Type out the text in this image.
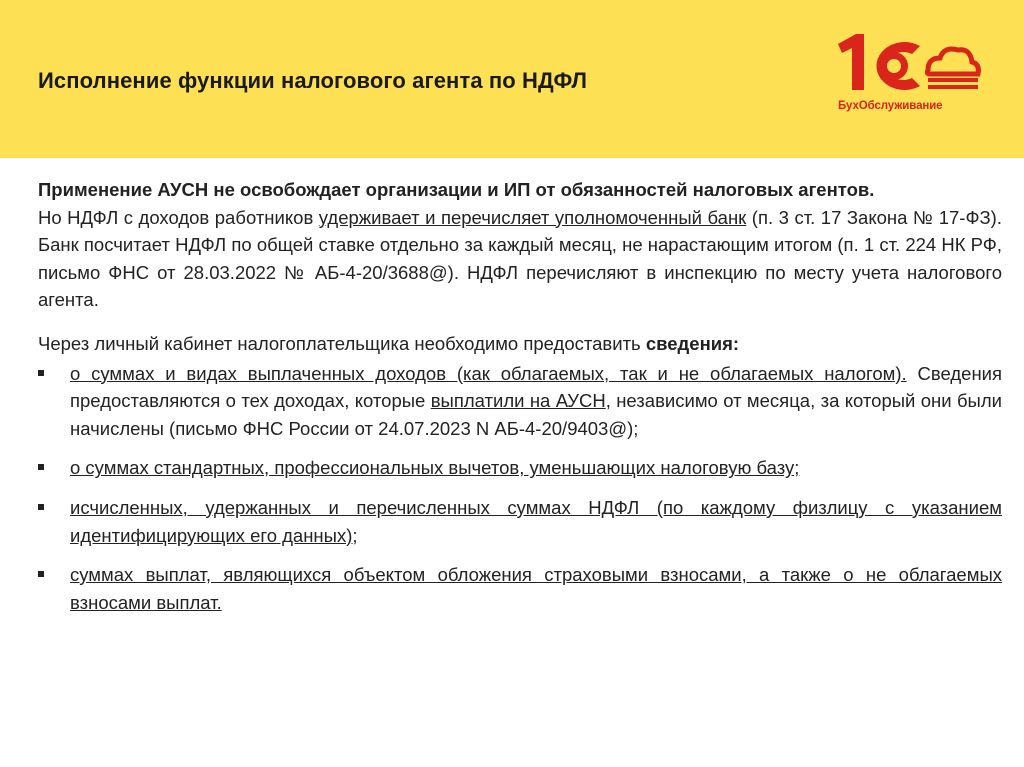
Исполнение функции налогового агента по НДФЛ
БухОбслуживание

Применение АУСН не освобождает организации и ИП от обязанностей налоговых агентов.

Но НДФЛ с доходов работников удерживает и перечисляет уполномоченный банк (п. 3 ст. 17 Закона № 17-ФЗ). Банк посчитает НДФЛ по общей ставке отдельно за каждый месяц, не нарастающим итогом (п. 1 ст. 224 НК РФ, письмо ФНС от 28.03.2022 № АБ-4-20/3688@). НДФЛ перечисляют в инспекцию по месту учета налогового агента.

Через личный кабинет налогоплательщика необходимо предоставить сведения:

о суммах и видах выплаченных доходов (как облагаемых, так и не облагаемых налогом). Сведения предоставляются о тех доходах, которые выплатили на АУСН, независимо от месяца, за который они были начислены (письмо ФНС России от 24.07.2023 N АБ-4-20/9403@);
о суммах стандартных, профессиональных вычетов, уменьшающих налоговую базу;
исчисленных, удержанных и перечисленных суммах НДФЛ (по каждому физлицу с указанием идентифицирующих его данных);
суммах выплат, являющихся объектом обложения страховыми взносами, а также о не облагаемых взносами выплат.
